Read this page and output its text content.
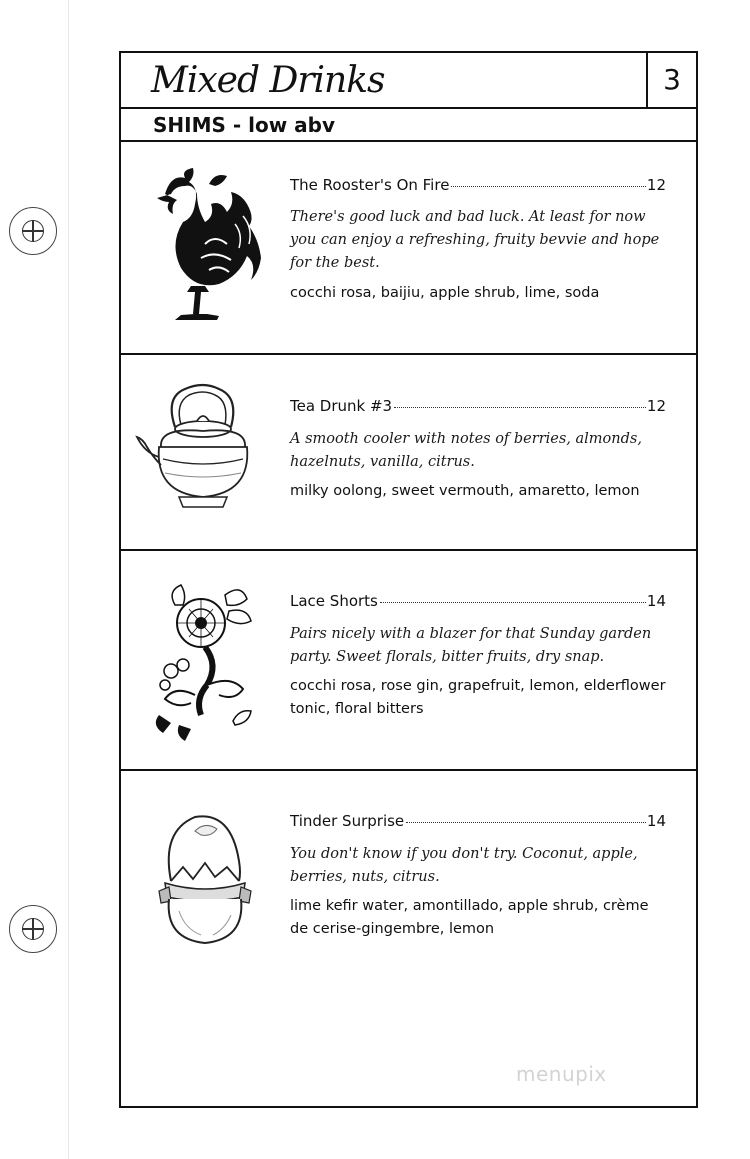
Mixed Drinks	3
SHIMS - low abv
The Rooster's On Fire	12
There's good luck and bad luck. At least for now you can enjoy a refreshing, fruity bevvie and hope for the best.
cocchi rosa, baijiu, apple shrub, lime, soda
Tea Drunk #3	12
A smooth cooler with notes of berries, almonds, hazelnuts, vanilla, citrus.
milky oolong, sweet vermouth, amaretto, lemon
Lace Shorts	14
Pairs nicely with a blazer for that Sunday garden party. Sweet florals, bitter fruits, dry snap.
cocchi rosa, rose gin, grapefruit, lemon, elderflower tonic, floral bitters
Tinder Surprise	14
You don't know if you don't try. Coconut, apple, berries, nuts, citrus.
lime kefir water, amontillado, apple shrub, crème de cerise-gingembre, lemon
menupix
